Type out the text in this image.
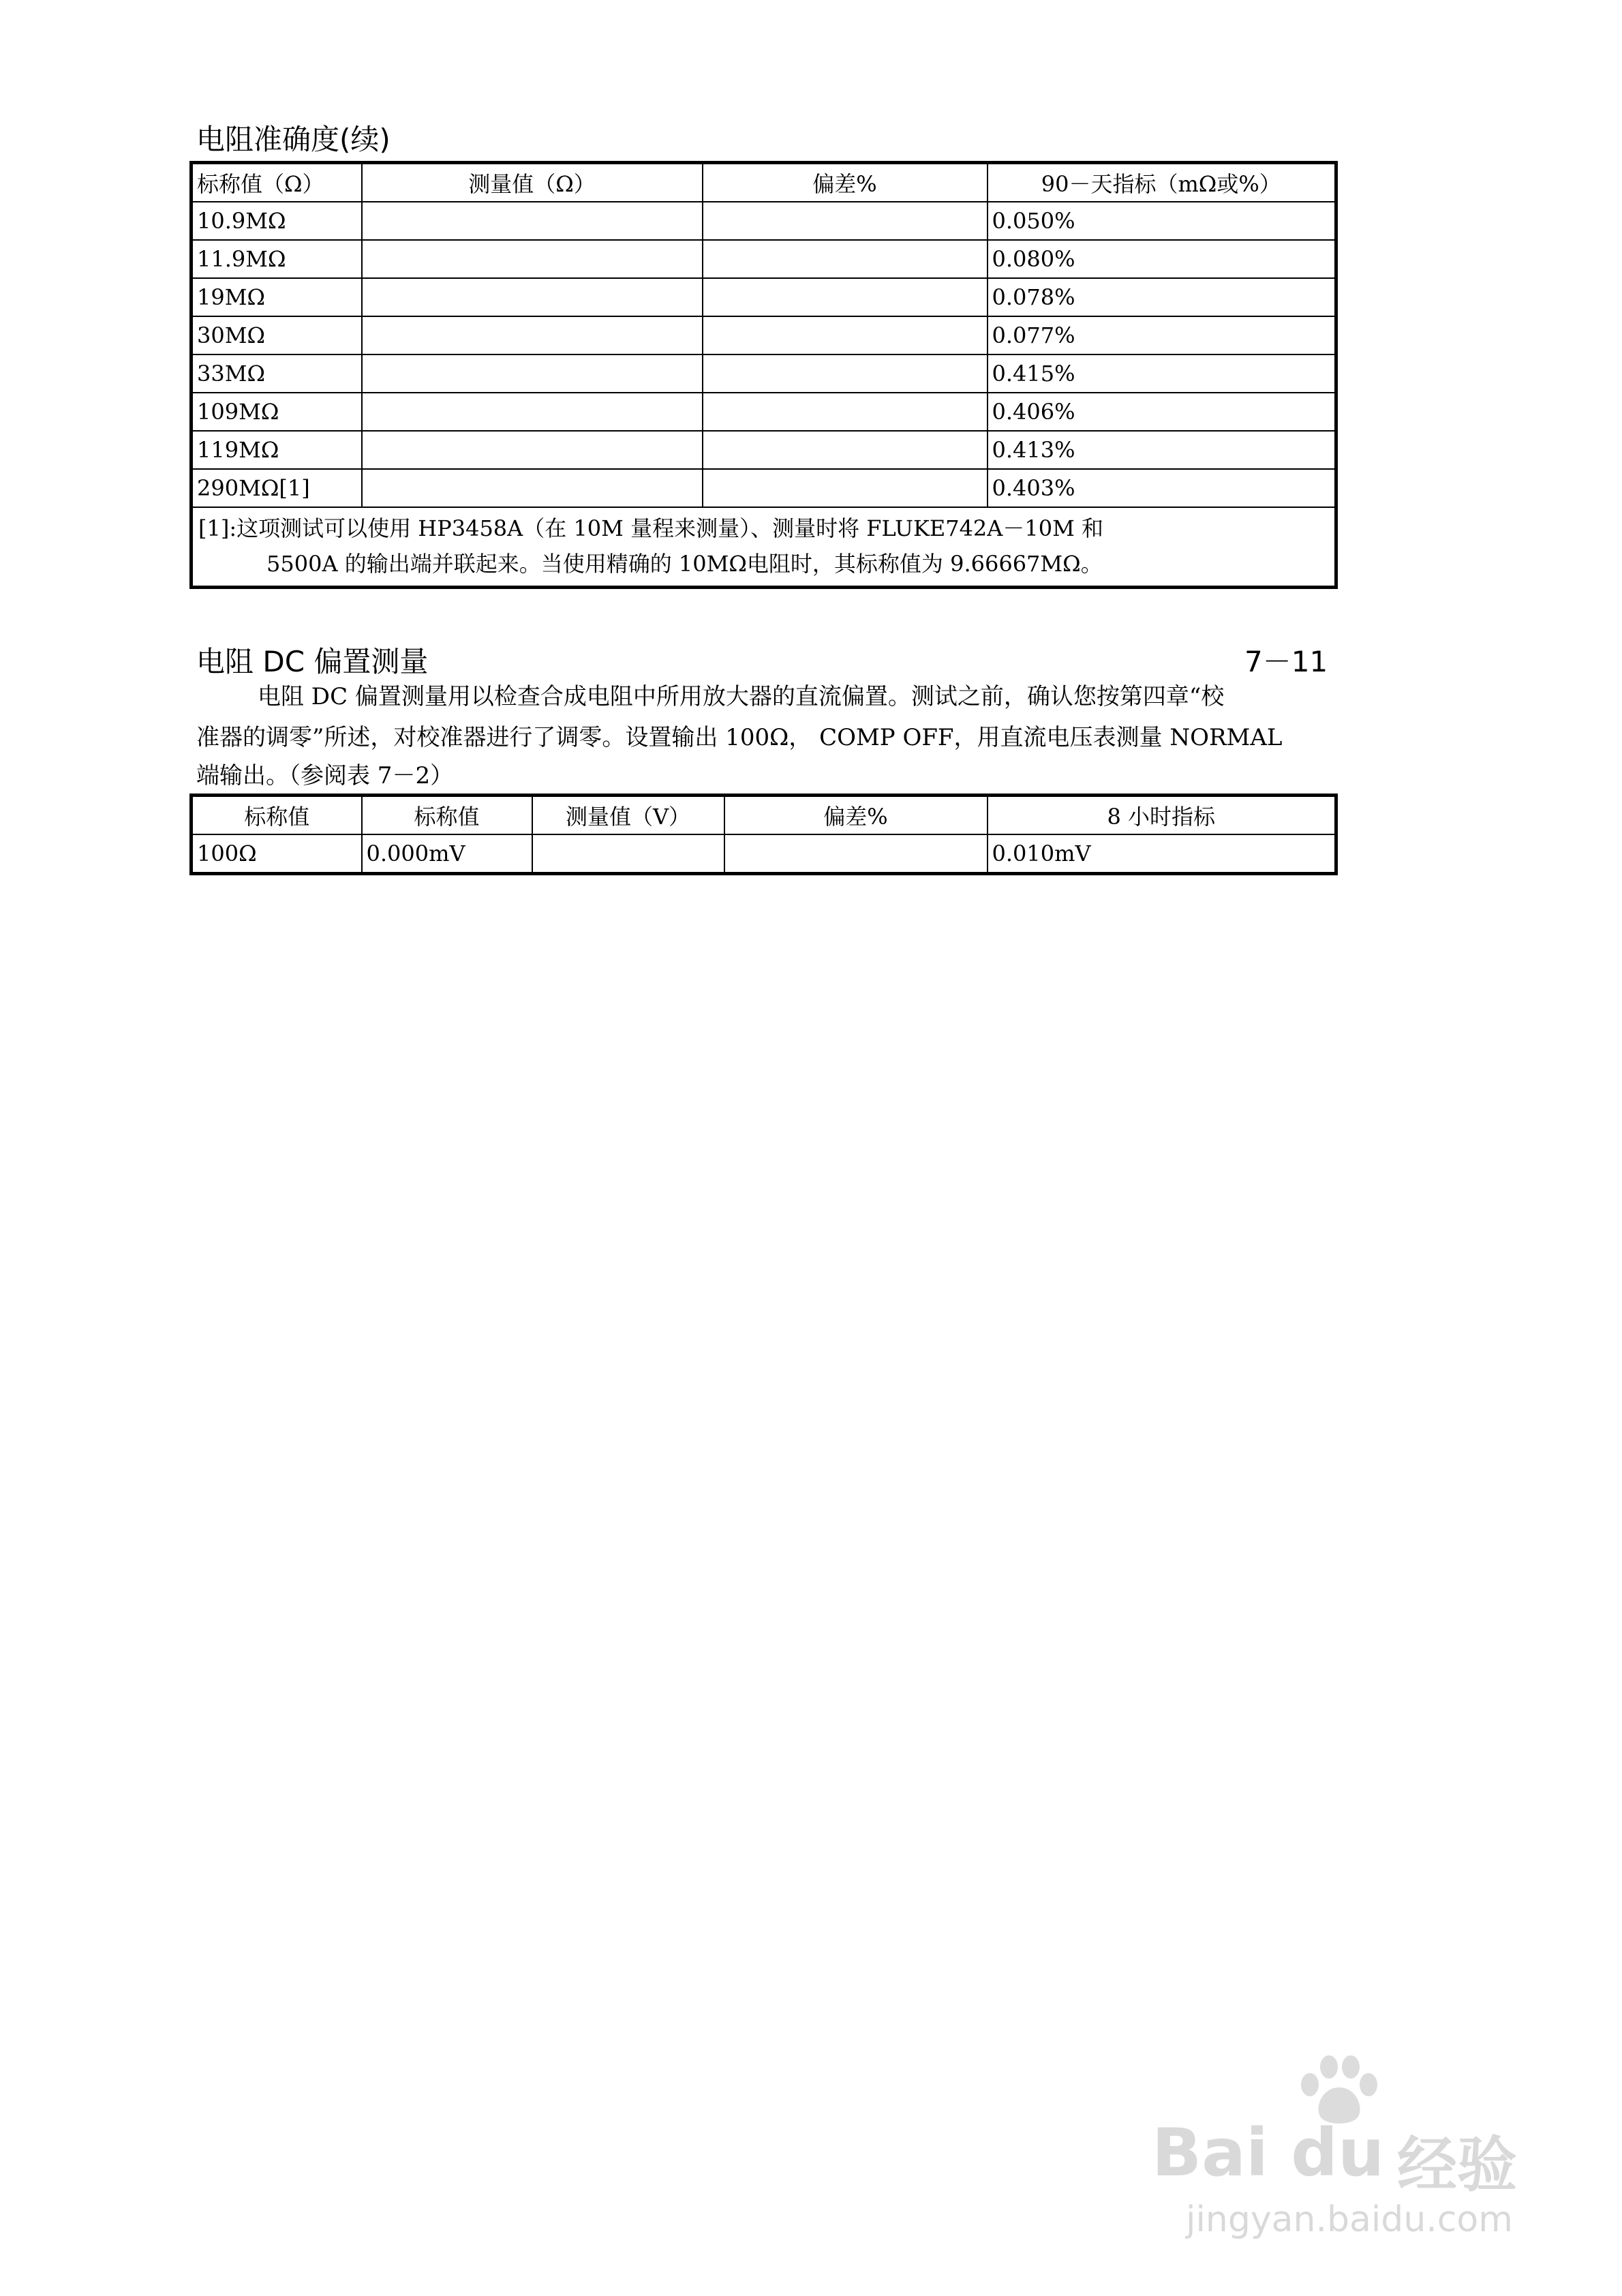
电阻准确度(续)
标称值（Ω）	测量值（Ω）	偏差%	90－天指标（mΩ或%）
10.9MΩ			0.050%
11.9MΩ			0.080%
19MΩ			0.078%
30MΩ			0.077%
33MΩ			0.415%
109MΩ			0.406%
119MΩ			0.413%
290MΩ[1]			0.403%

[1]:这项测试可以使用 HP3458A（在 10M 量程来测量）、测量时将 FLUKE742A－10M 和
5500A 的输出端并联起来。当使用精确的 10MΩ电阻时，其标称值为 9.66667MΩ。			
电阻 DC 偏置测量	7－11
电阻 DC 偏置测量用以检查合成电阻中所用放大器的直流偏置。测试之前，确认您按第四章“校
准器的调零”所述，对校准器进行了调零。设置输出 100Ω， COMP OFF，用直流电压表测量 NORMAL
端输出。（参阅表 7－2）
标称值	标称值	测量值（V）	偏差%	8 小时指标
100Ω	0.000mV			0.010mV
Bai du 经验
jingyan.baidu.com
